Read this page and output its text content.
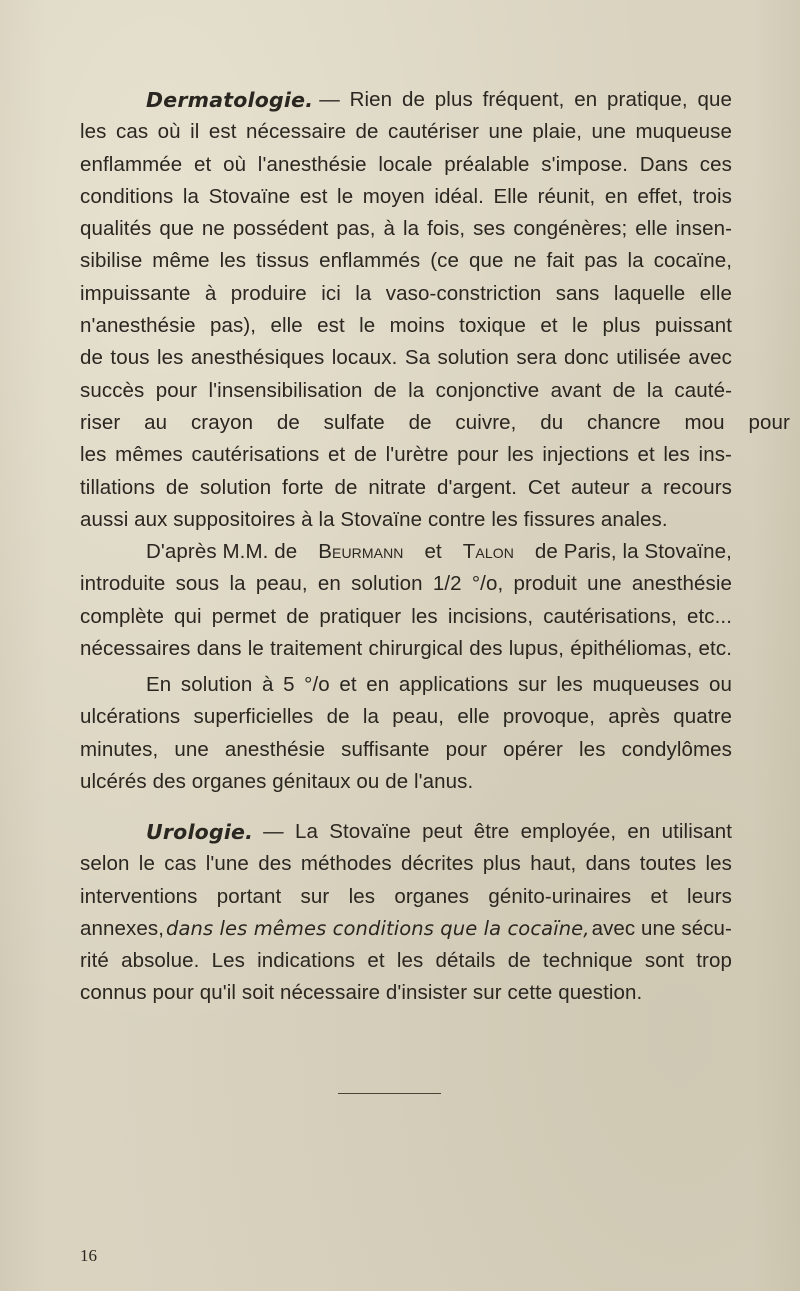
Dermatologie. — Rien de plus fréquent, en pratique, que
les cas où il est nécessaire de cautériser une plaie, une muqueuse
enflammée et où l'anesthésie locale préalable s'impose. Dans ces
conditions la Stovaïne est le moyen idéal. Elle réunit, en effet, trois
qualités que ne possédent pas, à la fois, ses congénères; elle insen-
sibilise même les tissus enflammés (ce que ne fait pas la cocaïne,
impuissante à produire ici la vaso-constriction sans laquelle elle
n'anesthésie pas), elle est le moins toxique et le plus puissant
de tous les anesthésiques locaux. Sa solution sera donc utilisée avec
succès pour l'insensibilisation de la conjonctive avant de la cauté-
riser au crayon de sulfate de cuivre, du chancre mou pour
les mêmes cautérisations et de l'urètre pour les injections et les ins-
tillations de solution forte de nitrate d'argent. Cet auteur a recours
aussi aux suppositoires à la Stovaïne contre les fissures anales.
D'après M.M. de Beurmann et Talon de Paris, la Stovaïne,
introduite sous la peau, en solution 1/2 °/o, produit une anesthésie
complète qui permet de pratiquer les incisions, cautérisations, etc...
nécessaires dans le traitement chirurgical des lupus, épithéliomas, etc.
En solution à 5 °/o et en applications sur les muqueuses ou
ulcérations superficielles de la peau, elle provoque, après quatre
minutes, une anesthésie suffisante pour opérer les condylômes
ulcérés des organes génitaux ou de l'anus.
Urologie. — La Stovaïne peut être employée, en utilisant
selon le cas l'une des méthodes décrites plus haut, dans toutes les
interventions portant sur les organes génito-urinaires et leurs
annexes, dans les mêmes conditions que la cocaïne, avec une sécu-
rité absolue. Les indications et les détails de technique sont trop
connus pour qu'il soit nécessaire d'insister sur cette question.
16
